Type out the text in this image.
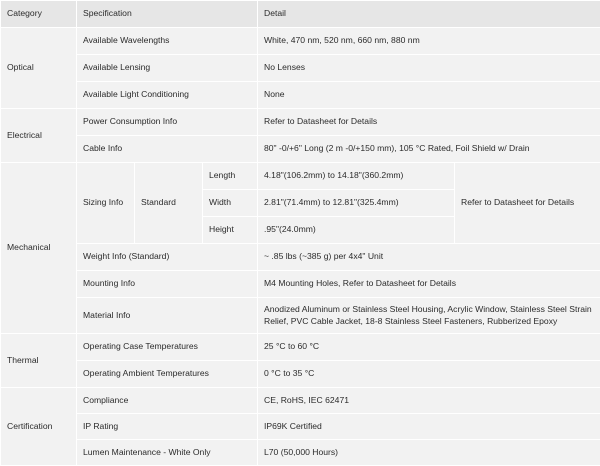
Category	Specification			Detail	
Optical	Available Wavelengths			White, 470 nm, 520 nm, 660 nm, 880 nm	
	Available Lensing			No Lenses	
	Available Light Conditioning			None	
Electrical	Power Consumption Info			Refer to Datasheet for Details	
	Cable Info			80" -0/+6" Long (2 m -0/+150 mm), 105 °C Rated, Foil Shield w/ Drain	
Mechanical	Sizing Info	Standard	Length	4.18"(106.2mm) to 14.18"(360.2mm)	Refer to Datasheet for Details
			Width	2.81"(71.4mm) to 12.81"(325.4mm)	
			Height	.95"(24.0mm)	
	Weight Info (Standard)			~ .85 lbs (~385 g) per 4x4" Unit	
	Mounting Info			M4 Mounting Holes, Refer to Datasheet for Details	
	Material Info			Anodized Aluminum or Stainless Steel Housing, Acrylic Window, Stainless Steel Strain Relief, PVC Cable Jacket, 18-8 Stainless Steel Fasteners, Rubberized Epoxy	
Thermal	Operating Case Temperatures			25 °C to 60 °C	
	Operating Ambient Temperatures			0 °C to 35 °C	
Certification	Compliance			CE, RoHS, IEC 62471	
	IP Rating			IP69K Certified	
	Lumen Maintenance - White Only			L70 (50,000 Hours)	
